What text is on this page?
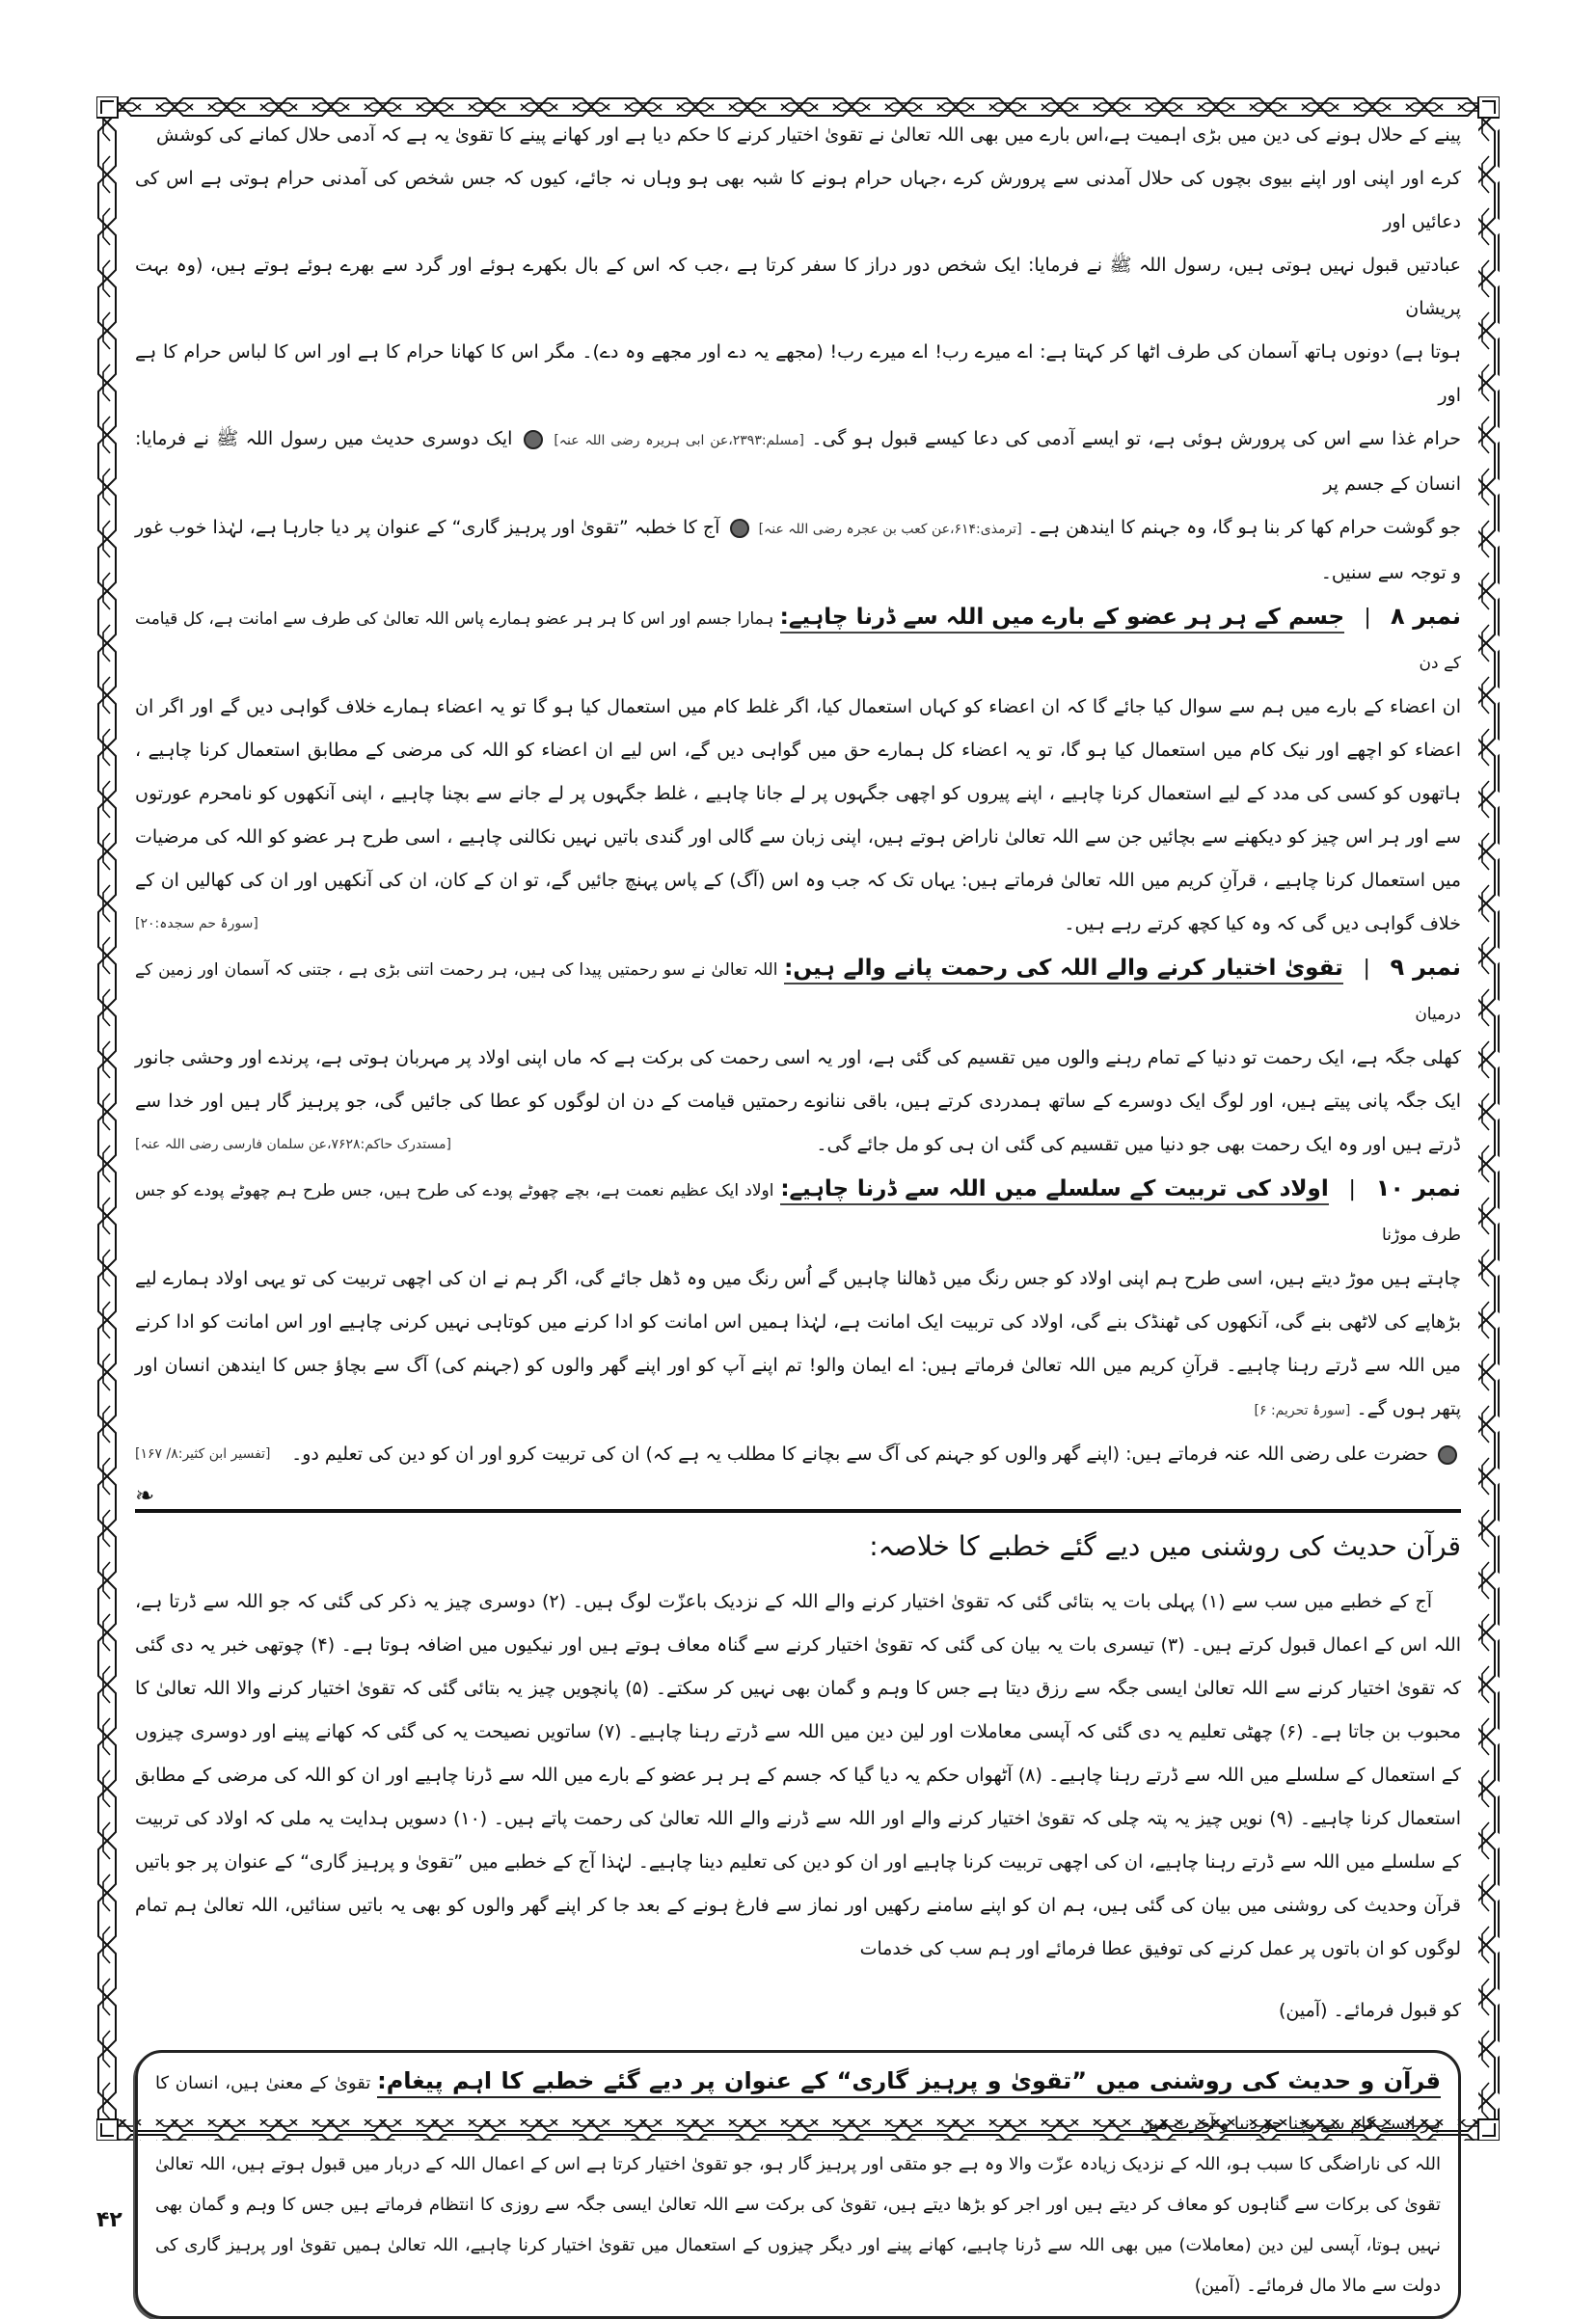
پینے کے حلال ہونے کی دین میں بڑی اہمیت ہے،اس بارے میں بھی اللہ تعالیٰ نے تقویٰ اختیار کرنے کا حکم دیا ہے اور کھانے پینے کا تقویٰ یہ ہے کہ آدمی حلال کمانے کی کوشش

کرے اور اپنی اور اپنے بیوی بچوں کی حلال آمدنی سے پرورش کرے ،جہاں حرام ہونے کا شبہ بھی ہو وہاں نہ جائے، کیوں کہ جس شخص کی آمدنی حرام ہوتی ہے اس کی دعائیں اور

عبادتیں قبول نہیں ہوتی ہیں، رسول اللہ ﷺ نے فرمایا: ایک شخص دور دراز کا سفر کرتا ہے ،جب کہ اس کے بال بکھرے ہوئے اور گرد سے بھرے ہوئے ہوتے ہیں، (وہ بہت پریشان

ہوتا ہے) دونوں ہاتھ آسمان کی طرف اٹھا کر کہتا ہے: اے میرے رب! اے میرے رب! (مجھے یہ دے اور مجھے وہ دے)۔ مگر اس کا کھانا حرام کا ہے اور اس کا لباس حرام کا ہے اور

حرام غذا سے اس کی پرورش ہوئی ہے، تو ایسے آدمی کی دعا کیسے قبول ہو گی۔ [مسلم:۲۳۹۳،عن ابی ہریرہ رضی اللہ عنہ]  ایک دوسری حدیث میں رسول اللہ ﷺ نے فرمایا: انسان کے جسم پر

جو گوشت حرام کھا کر بنا ہو گا، وہ جہنم کا ایندھن ہے۔ [ترمذی:۶۱۴،عن کعب بن عجرہ رضی اللہ عنہ]  آج کا خطبہ ”تقویٰ اور پرہیز گاری“ کے عنوان پر دیا جارہا ہے، لہٰذا خوب غور و توجہ سے سنیں۔

نمبر ۸ | جسم کے ہر ہر عضو کے بارے میں اللہ سے ڈرنا چاہیے: ہمارا جسم اور اس کا ہر ہر عضو ہمارے پاس اللہ تعالیٰ کی طرف سے امانت ہے، کل قیامت کے دن

ان اعضاء کے بارے میں ہم سے سوال کیا جائے گا کہ ان اعضاء کو کہاں استعمال کیا، اگر غلط کام میں استعمال کیا ہو گا تو یہ اعضاء ہمارے خلاف گواہی دیں گے اور اگر ان اعضاء کو اچھے اور نیک کام میں استعمال کیا ہو گا، تو یہ اعضاء کل ہمارے حق میں گواہی دیں گے، اس لیے ان اعضاء کو اللہ کی مرضی کے مطابق استعمال کرنا چاہیے ، ہاتھوں کو کسی کی مدد کے لیے استعمال کرنا چاہیے ، اپنے پیروں کو اچھی جگہوں پر لے جانا چاہیے ، غلط جگہوں پر لے جانے سے بچنا چاہیے ، اپنی آنکھوں کو نامحرم عورتوں سے اور ہر اس چیز کو دیکھنے سے بچائیں جن سے اللہ تعالیٰ ناراض ہوتے ہیں، اپنی زبان سے گالی اور گندی باتیں نہیں نکالنی چاہیے ، اسی طرح ہر عضو کو اللہ کی مرضیات میں استعمال کرنا چاہیے ، قرآنِ کریم میں اللہ تعالیٰ فرماتے ہیں: یہاں تک کہ جب وہ اس (آگ) کے پاس پہنچ جائیں گے، تو ان کے کان، ان کی آنکھیں اور ان کی کھالیں ان کے خلاف گواہی دیں گی کہ وہ کیا کچھ کرتے رہے ہیں۔
[سورۂ حم سجدہ:۲۰]

نمبر ۹ | تقویٰ اختیار کرنے والے اللہ کی رحمت پانے والے ہیں: اللہ تعالیٰ نے سو رحمتیں پیدا کی ہیں، ہر رحمت اتنی بڑی ہے ، جتنی کہ آسمان اور زمین کے درمیان

کھلی جگہ ہے، ایک رحمت تو دنیا کے تمام رہنے والوں میں تقسیم کی گئی ہے، اور یہ اسی رحمت کی برکت ہے کہ ماں اپنی اولاد پر مہربان ہوتی ہے، پرندے اور وحشی جانور ایک جگہ پانی پیتے ہیں، اور لوگ ایک دوسرے کے ساتھ ہمدردی کرتے ہیں، باقی ننانوے رحمتیں قیامت کے دن ان لوگوں کو عطا کی جائیں گی، جو پرہیز گار ہیں اور خدا سے ڈرتے ہیں اور وہ ایک رحمت بھی جو دنیا میں تقسیم کی گئی ان ہی کو مل جائے گی۔
[مستدرک حاکم:۷۶۲۸،عن سلمان فارسی رضی اللہ عنہ]

نمبر ۱۰ | اولاد کی تربیت کے سلسلے میں اللہ سے ڈرنا چاہیے: اولاد ایک عظیم نعمت ہے، بچے چھوٹے پودے کی طرح ہیں، جس طرح ہم چھوٹے پودے کو جس طرف موڑنا

چاہتے ہیں موڑ دیتے ہیں، اسی طرح ہم اپنی اولاد کو جس رنگ میں ڈھالنا چاہیں گے اُس رنگ میں وہ ڈھل جائے گی، اگر ہم نے ان کی اچھی تربیت کی تو یہی اولاد ہمارے لیے بڑھاپے کی لاٹھی بنے گی، آنکھوں کی ٹھنڈک بنے گی، اولاد کی تربیت ایک امانت ہے، لہٰذا ہمیں اس امانت کو ادا کرنے میں کوتاہی نہیں کرنی چاہیے اور اس امانت کو ادا کرنے میں اللہ سے ڈرتے رہنا چاہیے۔ قرآنِ کریم میں اللہ تعالیٰ فرماتے ہیں: اے ایمان والو! تم اپنے آپ کو اور اپنے گھر والوں کو (جہنم کی) آگ سے بچاؤ جس کا ایندھن انسان اور پتھر ہوں گے۔ [سورۂ تحریم: ۶]

حضرت علی رضی اللہ عنہ فرماتے ہیں: (اپنے گھر والوں کو جہنم کی آگ سے بچانے کا مطلب یہ ہے کہ) ان کی تربیت کرو اور ان کو دین کی تعلیم دو۔
[تفسیر ابن کثیر:۸/ ۱۶۷]

❧
قرآن حدیث کی روشنی میں دیے گئے خطبے کا خلاصہ:

آج کے خطبے میں سب سے (۱) پہلی بات یہ بتائی گئی کہ تقویٰ اختیار کرنے والے اللہ کے نزدیک باعزّت لوگ ہیں۔ (۲) دوسری چیز یہ ذکر کی گئی کہ جو اللہ سے ڈرتا ہے، اللہ اس کے اعمال قبول کرتے ہیں۔ (۳) تیسری بات یہ بیان کی گئی کہ تقویٰ اختیار کرنے سے گناہ معاف ہوتے ہیں اور نیکیوں میں اضافہ ہوتا ہے۔ (۴) چوتھی خبر یہ دی گئی کہ تقویٰ اختیار کرنے سے اللہ تعالیٰ ایسی جگہ سے رزق دیتا ہے جس کا وہم و گمان بھی نہیں کر سکتے۔ (۵) پانچویں چیز یہ بتائی گئی کہ تقویٰ اختیار کرنے والا اللہ تعالیٰ کا محبوب بن جاتا ہے۔ (۶) چھٹی تعلیم یہ دی گئی کہ آپسی معاملات اور لین دین میں اللہ سے ڈرتے رہنا چاہیے۔ (۷) ساتویں نصیحت یہ کی گئی کہ کھانے پینے اور دوسری چیزوں کے استعمال کے سلسلے میں اللہ سے ڈرتے رہنا چاہیے۔ (۸) آٹھواں حکم یہ دیا گیا کہ جسم کے ہر ہر عضو کے بارے میں اللہ سے ڈرنا چاہیے اور ان کو اللہ کی مرضی کے مطابق استعمال کرنا چاہیے۔ (۹) نویں چیز یہ پتہ چلی کہ تقویٰ اختیار کرنے والے اور اللہ سے ڈرنے والے اللہ تعالیٰ کی رحمت پاتے ہیں۔ (۱۰) دسویں ہدایت یہ ملی کہ اولاد کی تربیت کے سلسلے میں اللہ سے ڈرتے رہنا چاہیے، ان کی اچھی تربیت کرنا چاہیے اور ان کو دین کی تعلیم دینا چاہیے۔ لہٰذا آج کے خطبے میں ”تقویٰ و پرہیز گاری“ کے عنوان پر جو باتیں قرآن وحدیث کی روشنی میں بیان کی گئی ہیں، ہم ان کو اپنے سامنے رکھیں اور نماز سے فارغ ہونے کے بعد جا کر اپنے گھر والوں کو بھی یہ باتیں سنائیں، اللہ تعالیٰ ہم تمام لوگوں کو ان باتوں پر عمل کرنے کی توفیق عطا فرمائے اور ہم سب کی خدمات

کو قبول فرمائے۔ (آمین)

قرآن و حدیث کی روشنی میں ”تقویٰ و پرہیز گاری“ کے عنوان پر دیے گئے خطبے کا اہم پیغام: تقویٰ کے معنیٰ ہیں، انسان کا ہر ایسے کام سے بچنا جو دنیا و آخرت میں

اللہ کی ناراضگی کا سبب ہو، اللہ کے نزدیک زیادہ عزّت والا وہ ہے جو متقی اور پرہیز گار ہو، جو تقویٰ اختیار کرتا ہے اس کے اعمال اللہ کے دربار میں قبول ہوتے ہیں، اللہ تعالیٰ تقویٰ کی برکات سے گناہوں کو معاف کر دیتے ہیں اور اجر کو بڑھا دیتے ہیں، تقویٰ کی برکت سے اللہ تعالیٰ ایسی جگہ سے روزی کا انتظام فرماتے ہیں جس کا وہم و گمان بھی نہیں ہوتا، آپسی لین دین (معاملات) میں بھی اللہ سے ڈرنا چاہیے، کھانے پینے اور دیگر چیزوں کے استعمال میں تقویٰ اختیار کرنا چاہیے، اللہ تعالیٰ ہمیں تقویٰ اور پرہیز گاری کی دولت سے مالا مال فرمائے۔ (آمین)

۴۲
